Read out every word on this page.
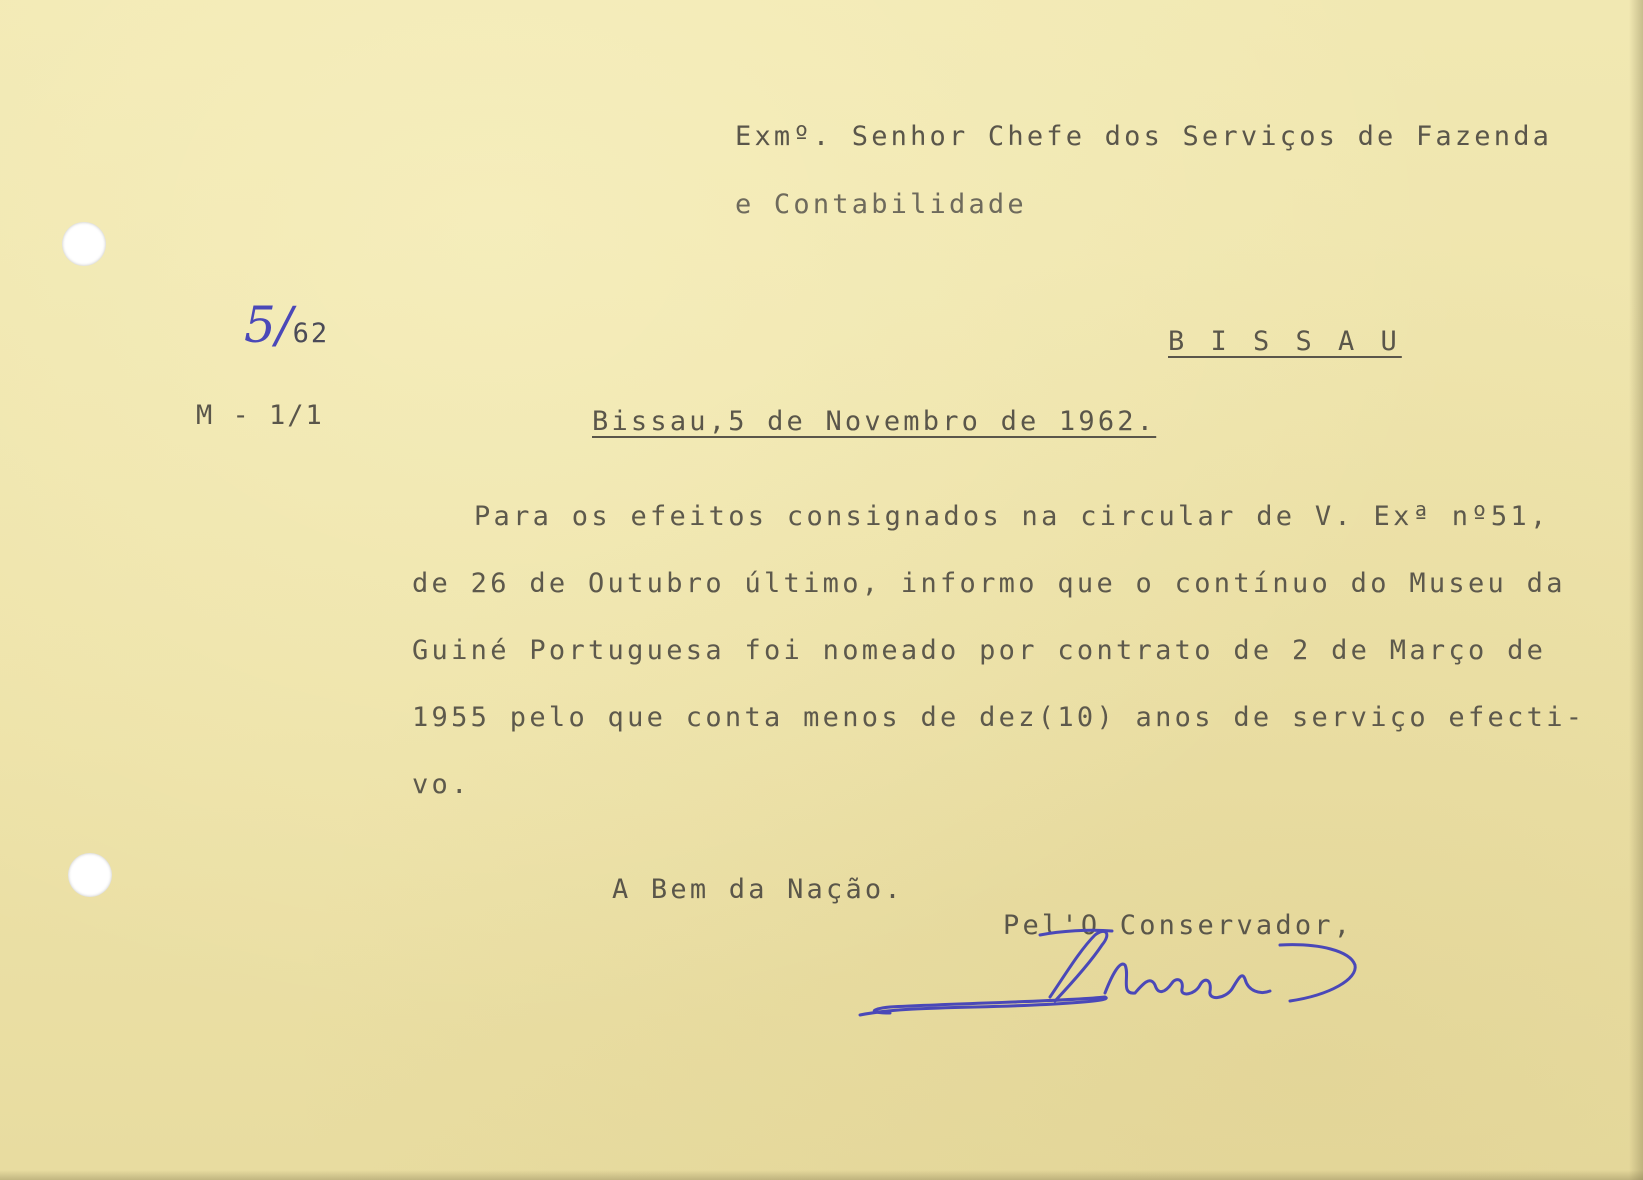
Exmº. Senhor Chefe dos Serviços de Fazenda

e Contabilidade

B I S S A U

5/62

M - 1/1	Bissau,5 de Novembro de 1962.

Para os efeitos consignados na circular de V. Exª nº51,
de 26 de Outubro último, informo que o contínuo do Museu da
Guiné Portuguesa foi nomeado por contrato de 2 de Março de
1955 pelo que conta menos de dez(10) anos de serviço efecti-
vo.

A Bem da Nação.

Pel'O Conservador,
